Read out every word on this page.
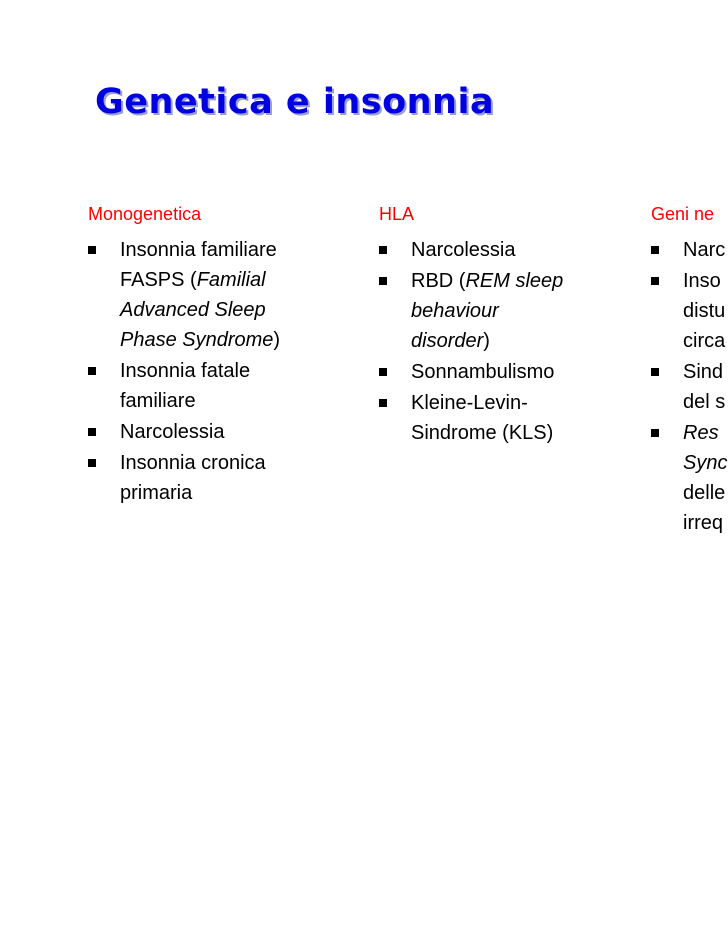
Genetica e insonnia
Monogenetica
Insonnia familiare
FASPS (Familial
Advanced Sleep
Phase Syndrome)
Insonnia fatale
familiare
Narcolessia
Insonnia cronica
primaria
HLA
Narcolessia
RBD (REM sleep
behaviour
disorder)
Sonnambulismo
Kleine-Levin-
Sindrome (KLS)
Geni ne
Narc
Inso
distu
circa
Sind
del s
Res
Sync
delle
irreq
